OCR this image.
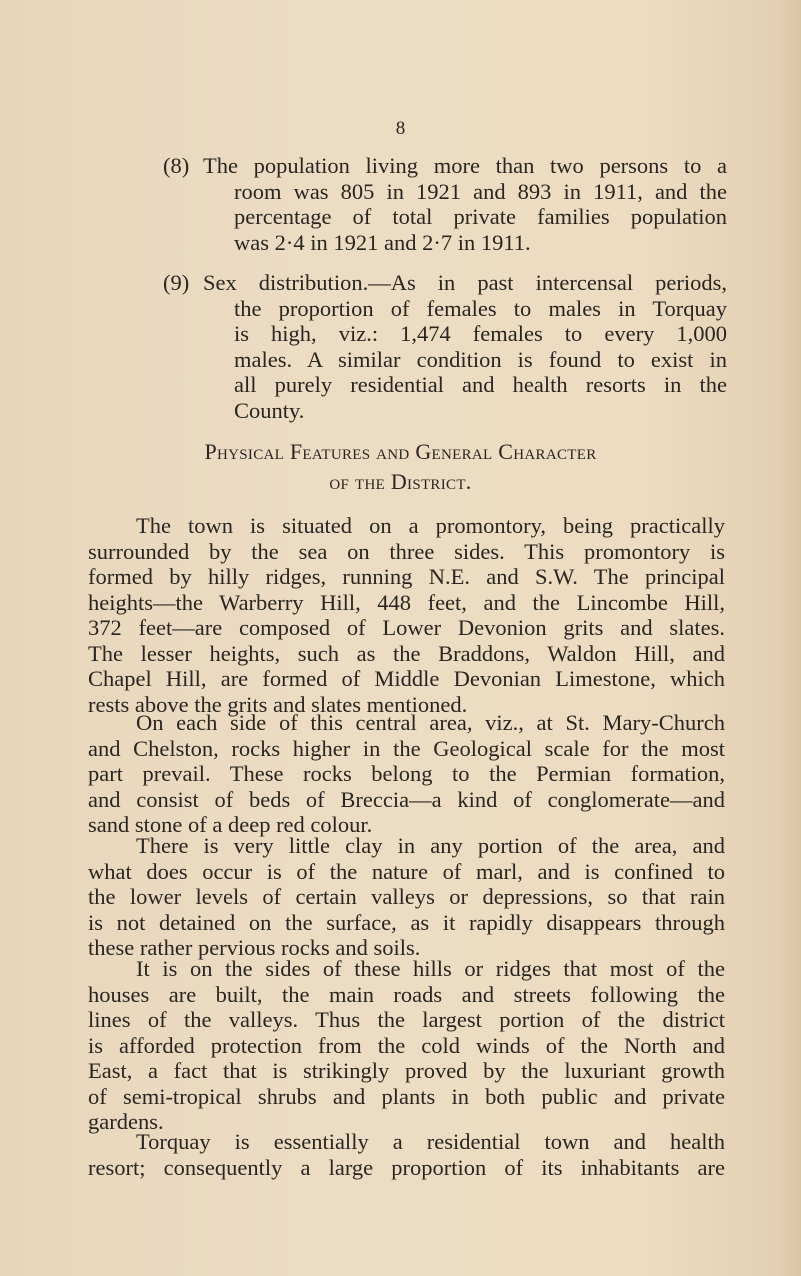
8
(8) The population living more than two persons to a
room was 805 in 1921 and 893 in 1911, and the
percentage of total private families population
was 2·4 in 1921 and 2·7 in 1911.
(9) Sex distribution.—As in past intercensal periods,
the proportion of females to males in Torquay
is high, viz.: 1,474 females to every 1,000
males. A similar condition is found to exist in
all purely residential and health resorts in the
County.
Physical Features and General Character
of the District.
The town is situated on a promontory, being practically
surrounded by the sea on three sides. This promontory is
formed by hilly ridges, running N.E. and S.W. The principal
heights—the Warberry Hill, 448 feet, and the Lincombe Hill,
372 feet—are composed of Lower Devonion grits and slates.
The lesser heights, such as the Braddons, Waldon Hill, and
Chapel Hill, are formed of Middle Devonian Limestone, which
rests above the grits and slates mentioned.
On each side of this central area, viz., at St. Mary-Church
and Chelston, rocks higher in the Geological scale for the most
part prevail. These rocks belong to the Permian formation,
and consist of beds of Breccia—a kind of conglomerate—and
sand stone of a deep red colour.
There is very little clay in any portion of the area, and
what does occur is of the nature of marl, and is confined to
the lower levels of certain valleys or depressions, so that rain
is not detained on the surface, as it rapidly disappears through
these rather pervious rocks and soils.
It is on the sides of these hills or ridges that most of the
houses are built, the main roads and streets following the
lines of the valleys. Thus the largest portion of the district
is afforded protection from the cold winds of the North and
East, a fact that is strikingly proved by the luxuriant growth
of semi-tropical shrubs and plants in both public and private
gardens.
Torquay is essentially a residential town and health
resort; consequently a large proportion of its inhabitants are
